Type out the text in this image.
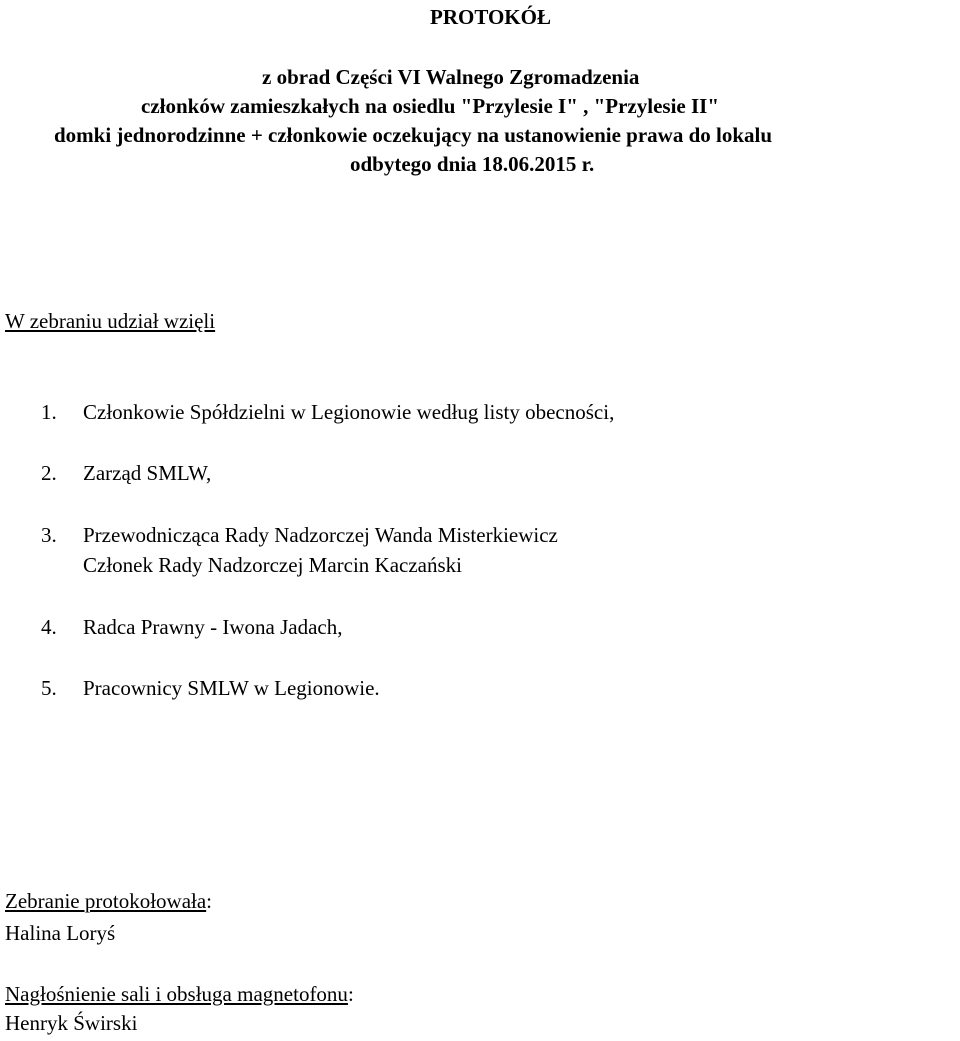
PROTOKÓŁ
z obrad Części VI Walnego Zgromadzenia
członków zamieszkałych na osiedlu "Przylesie I" , "Przylesie II"
domki jednorodzinne + członkowie oczekujący na ustanowienie prawa do lokalu
odbytego dnia 18.06.2015 r.
W zebraniu udział wzięli
1. Członkowie Spółdzielni w Legionowie według listy obecności,
2. Zarząd SMLW,
3. Przewodnicząca Rady Nadzorczej Wanda Misterkiewicz
Członek Rady Nadzorczej Marcin Kaczański
4. Radca Prawny - Iwona Jadach,
5. Pracownicy SMLW w Legionowie.
Zebranie protokołowała:
Halina Loryś
Nagłośnienie sali i obsługa magnetofonu:
Henryk Świrski
